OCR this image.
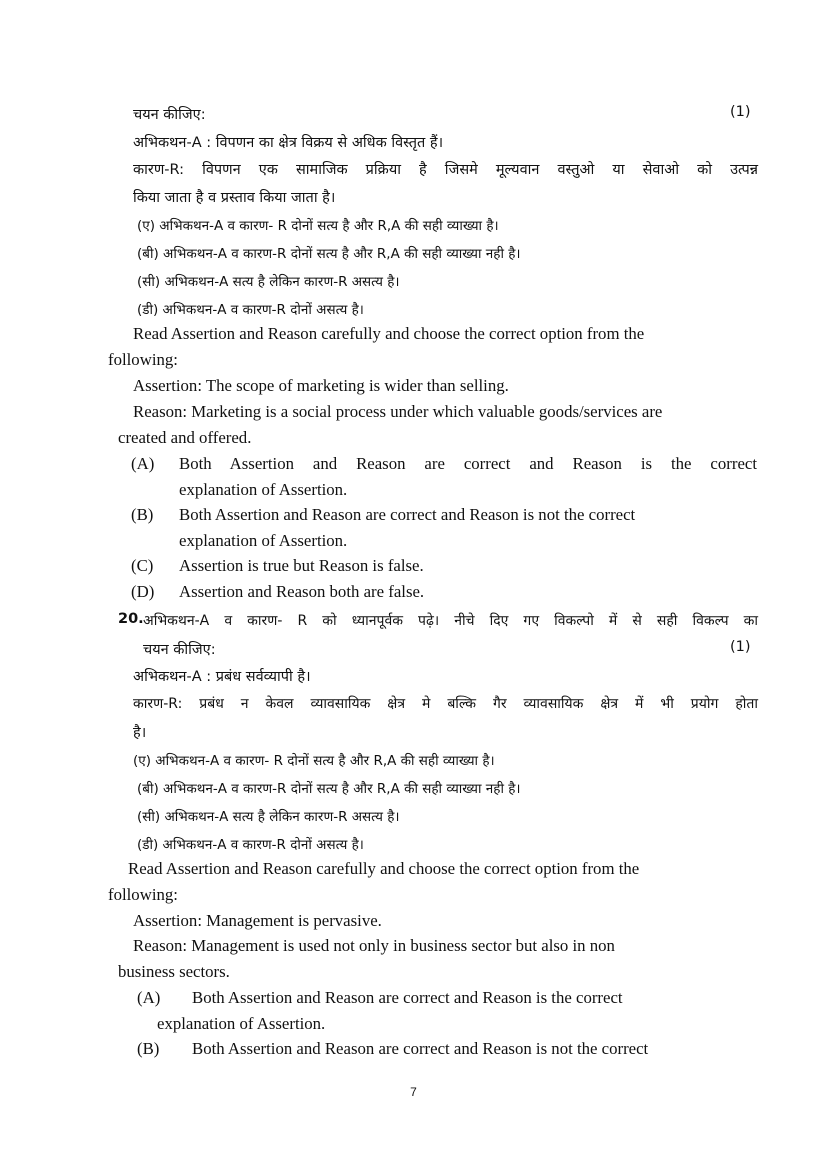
चयन कीजिए:	(1)
अभिकथन-A : विपणन का क्षेत्र विक्रय से अधिक विस्तृत हैं।
कारण-R: विपणन एक सामाजिक प्रक्रिया है जिसमे मूल्यवान वस्तुओ या सेवाओ को उत्पन्न
किया जाता है व प्रस्ताव किया जाता है।
(ए) अभिकथन-A व कारण- R दोनों सत्य है और R,A की सही व्याख्या है।
(बी) अभिकथन-A व कारण-R दोनों सत्य है और R,A की सही व्याख्या नही है।
(सी) अभिकथन-A सत्य है लेकिन कारण-R असत्य है।
(डी) अभिकथन-A व कारण-R दोनों असत्य है।
Read Assertion and Reason carefully and choose the correct option from the
following:
Assertion: The scope of marketing is wider than selling.
Reason: Marketing is a social process under which valuable goods/services are
created and offered.
(A) Both Assertion and Reason are correct and Reason is the correct
explanation of Assertion.
(B) Both Assertion and Reason are correct and Reason is not the correct
explanation of Assertion.
(C) Assertion is true but Reason is false.
(D) Assertion and Reason both are false.
20. अभिकथन-A व कारण- R को ध्यानपूर्वक पढ़े। नीचे दिए गए विकल्पो में से सही विकल्प का
चयन कीजिए:	(1)
अभिकथन-A : प्रबंध सर्वव्यापी है।
कारण-R: प्रबंध न केवल व्यावसायिक क्षेत्र मे बल्कि गैर व्यावसायिक क्षेत्र में भी प्रयोग होता
है।
(ए) अभिकथन-A व कारण- R दोनों सत्य है और R,A की सही व्याख्या है।
(बी) अभिकथन-A व कारण-R दोनों सत्य है और R,A की सही व्याख्या नही है।
(सी) अभिकथन-A सत्य है लेकिन कारण-R असत्य है।
(डी) अभिकथन-A व कारण-R दोनों असत्य है।
Read Assertion and Reason carefully and choose the correct option from the
following:
Assertion: Management is pervasive.
Reason: Management is used not only in business sector but also in non
business sectors.
(A) Both Assertion and Reason are correct and Reason is the correct
explanation of Assertion.
(B) Both Assertion and Reason are correct and Reason is not the correct
7
